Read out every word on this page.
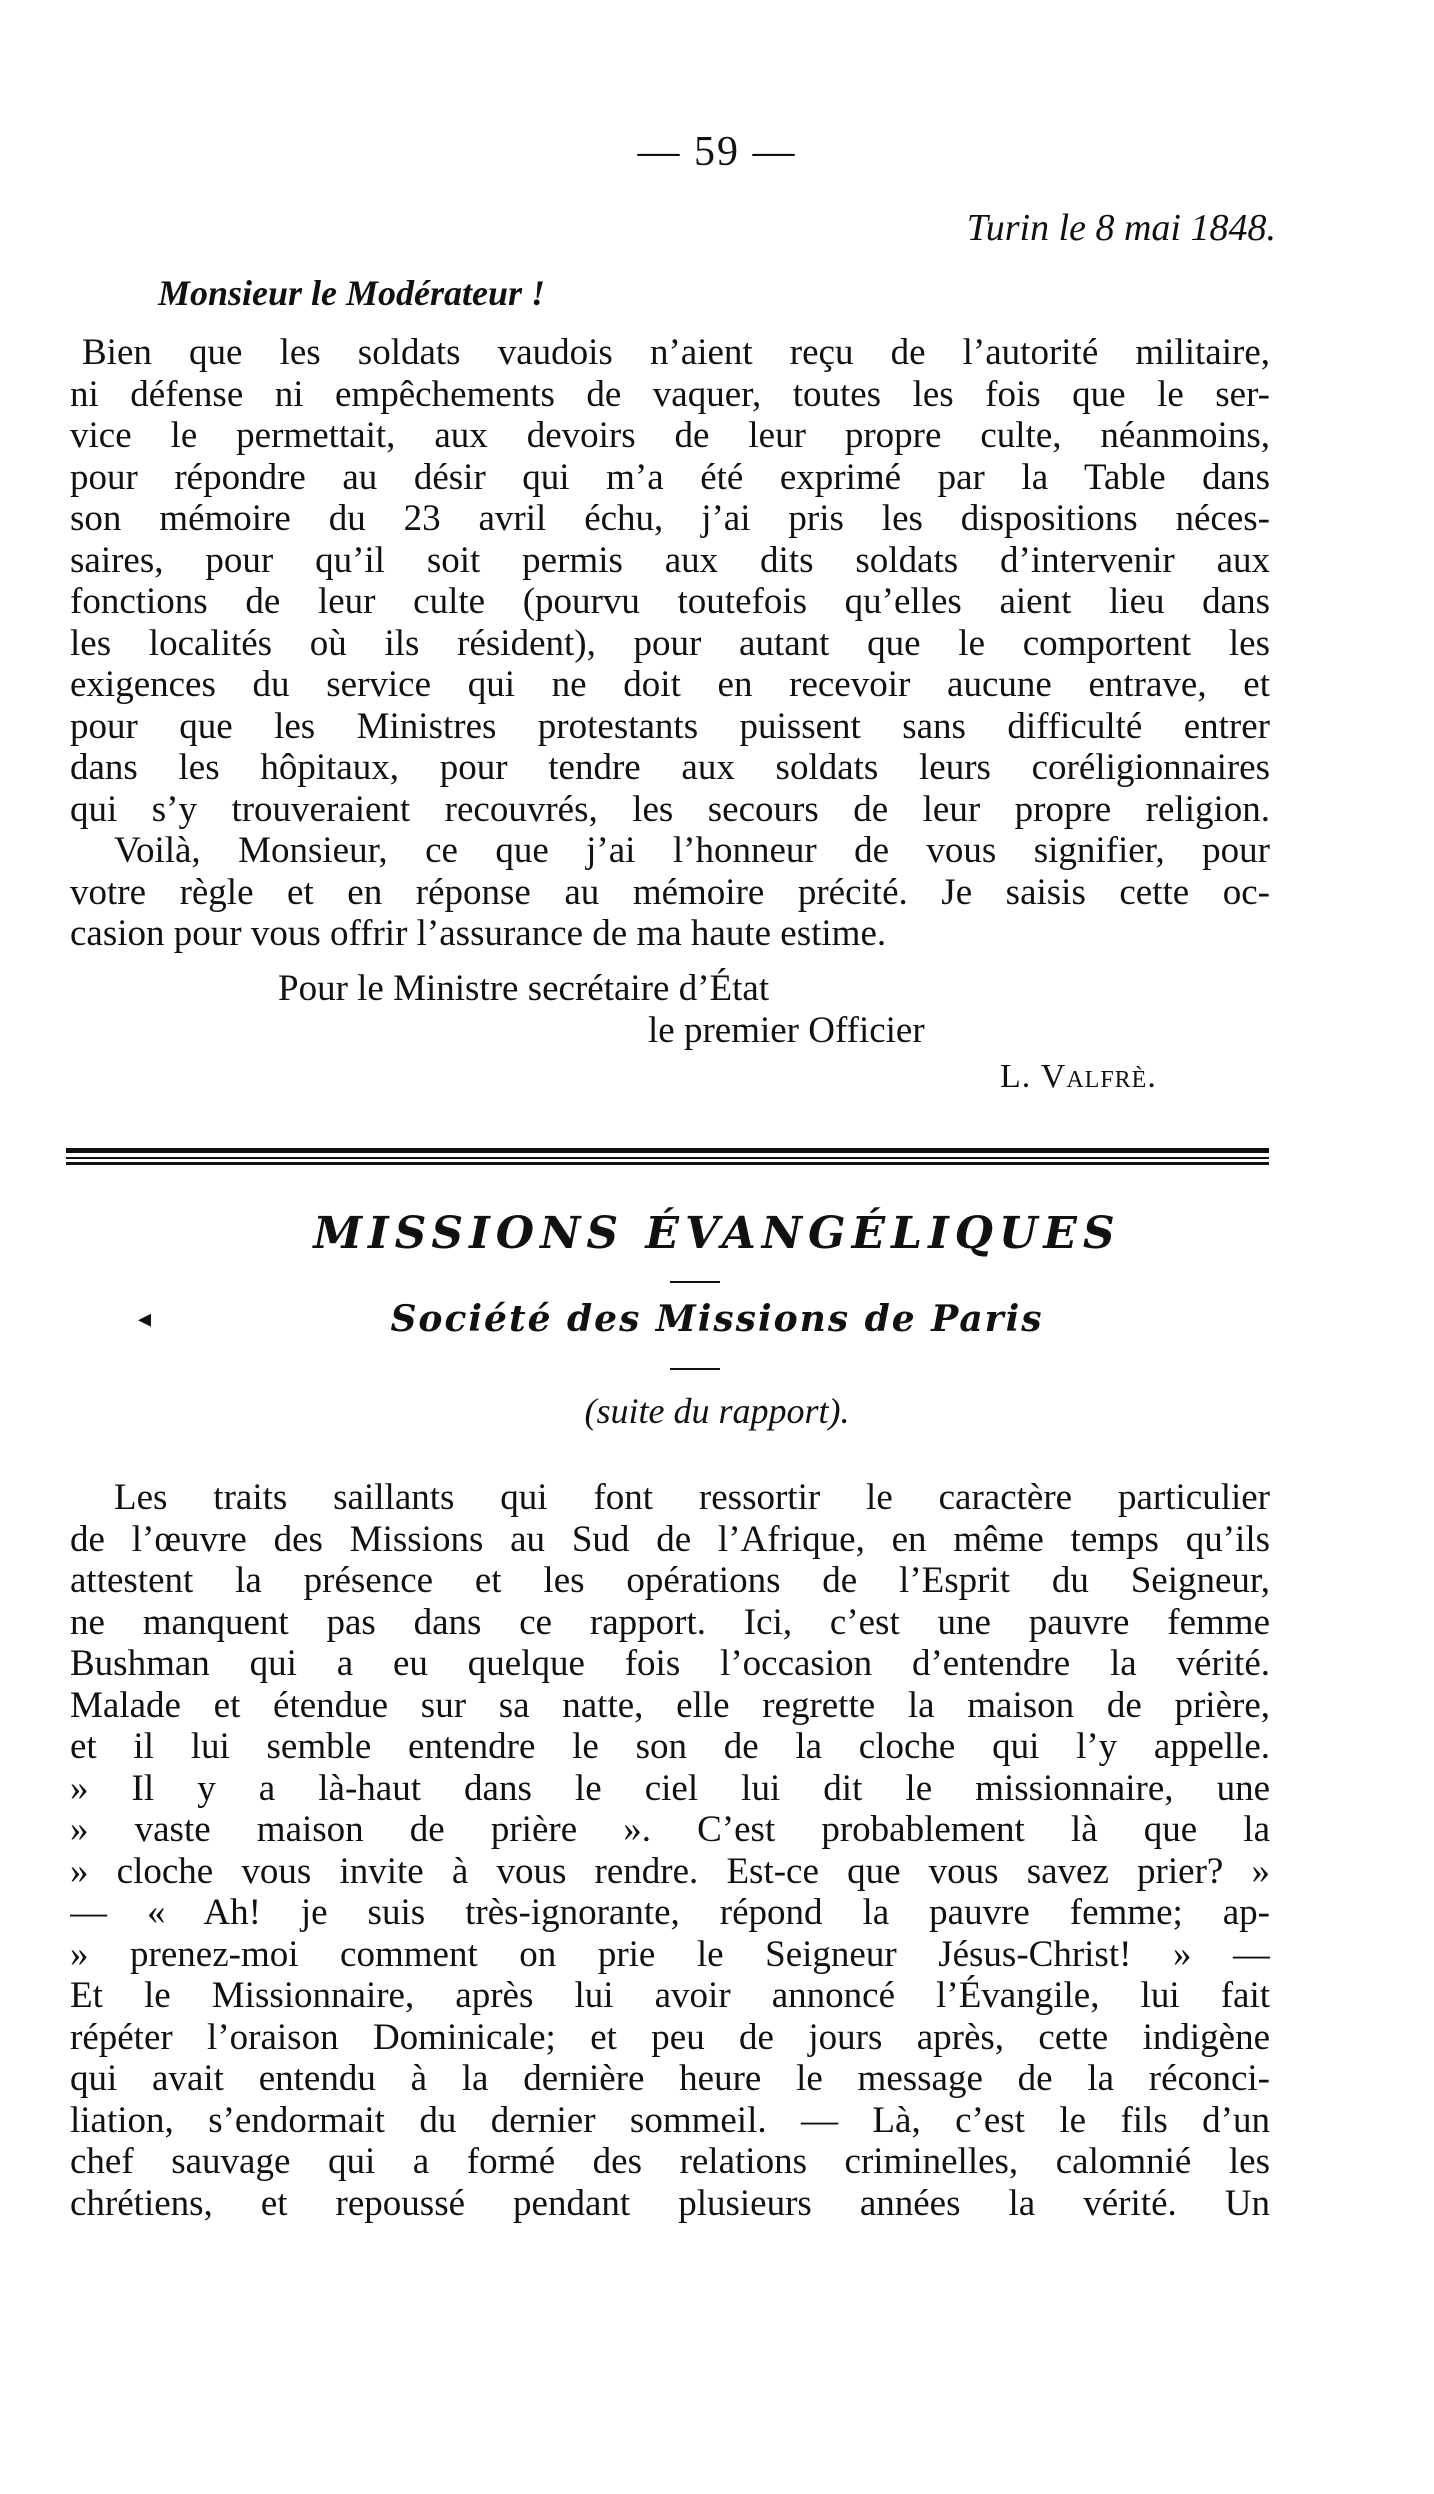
— 59 —
Turin le 8 mai 1848.
Monsieur le Modérateur !
Bien que les soldats vaudois n’aient reçu de l’autorité militaire,
ni défense ni empêchements de vaquer, toutes les fois que le ser-
vice le permettait, aux devoirs de leur propre culte, néanmoins,
pour répondre au désir qui m’a été exprimé par la Table dans
son mémoire du 23 avril échu, j’ai pris les dispositions néces-
saires, pour qu’il soit permis aux dits soldats d’intervenir aux
fonctions de leur culte (pourvu toutefois qu’elles aient lieu dans
les localités où ils résident), pour autant que le comportent les
exigences du service qui ne doit en recevoir aucune entrave, et
pour que les Ministres protestants puissent sans difficulté entrer
dans les hôpitaux, pour tendre aux soldats leurs coréligionnaires
qui s’y trouveraient recouvrés, les secours de leur propre religion.
Voilà, Monsieur, ce que j’ai l’honneur de vous signifier, pour
votre règle et en réponse au mémoire précité. Je saisis cette oc-
casion pour vous offrir l’assurance de ma haute estime.
Pour le Ministre secrétaire d’État
le premier Officier
L. Valfrè.
MISSIONS ÉVANGÉLIQUES
◂	Société des Missions de Paris
(suite du rapport).
Les traits saillants qui font ressortir le caractère particulier
de l’œuvre des Missions au Sud de l’Afrique, en même temps qu’ils
attestent la présence et les opérations de l’Esprit du Seigneur,
ne manquent pas dans ce rapport. Ici, c’est une pauvre femme
Bushman qui a eu quelque fois l’occasion d’entendre la vérité.
Malade et étendue sur sa natte, elle regrette la maison de prière,
et il lui semble entendre le son de la cloche qui l’y appelle.
» Il y a là-haut dans le ciel lui dit le missionnaire, une
» vaste maison de prière ». C’est probablement là que la
» cloche vous invite à vous rendre. Est-ce que vous savez prier? »
— « Ah! je suis très-ignorante, répond la pauvre femme; ap-
» prenez-moi comment on prie le Seigneur Jésus-Christ! » —
Et le Missionnaire, après lui avoir annoncé l’Évangile, lui fait
répéter l’oraison Dominicale; et peu de jours après, cette indigène
qui avait entendu à la dernière heure le message de la réconci-
liation, s’endormait du dernier sommeil. — Là, c’est le fils d’un
chef sauvage qui a formé des relations criminelles, calomnié les
chrétiens, et repoussé pendant plusieurs années la vérité. Un
